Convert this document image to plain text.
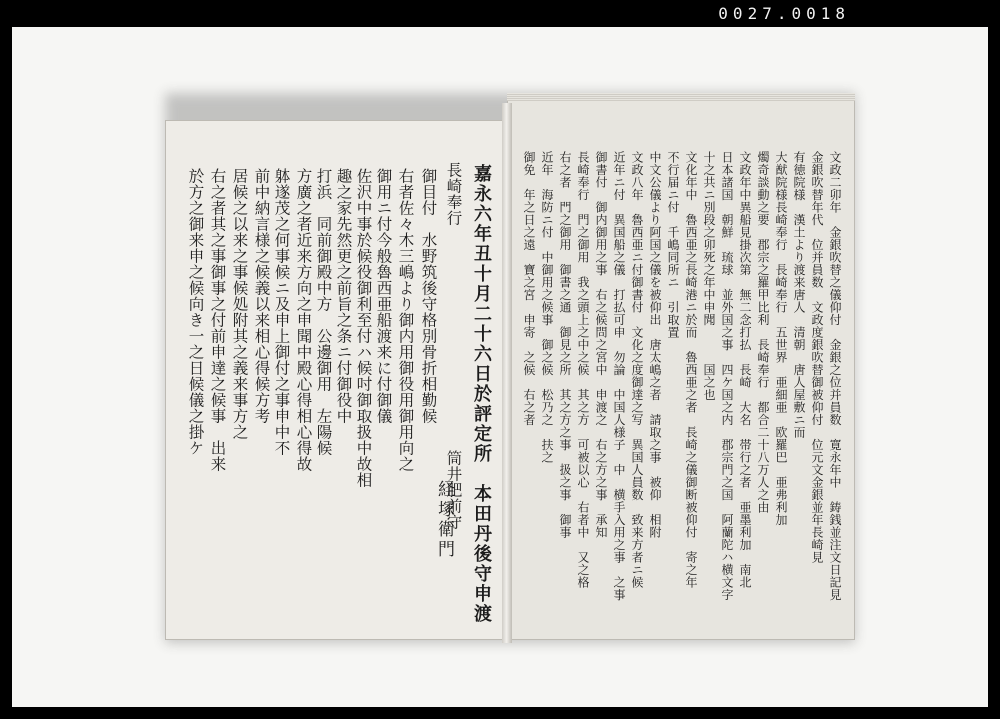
0027.0018
文政二卯年　金銀吹替之儀仰付　金銀之位并員数　寛永年中　鋳銭並注文日記見
金銀吹替年代　位并員数　文政度銀吹替御被仰付　位元文金銀並年長崎見
有徳院様　漢土より渡来唐人　清朝　唐人屋敷ニ而
大猷院様長崎奉行　長崎奉行　五世界　亜細亜　欧羅巴　亜弗利加
燭奇談動之要　郡宗之羅甲比利　長崎奉行　都合二十八万人之由
文政年中異船見掛次第　無二念打払　長崎　大名　帯行之者　亜墨利加　南北
日本諸国　朝鮮　琉球　並外国之事　四ケ国之内　郡宗門之国　阿蘭陀ハ横文字
十之共ニ別段之卯死之年中申聞　　　国之也
文化年中　魯西亜之長崎港ニ於而　魯西亜之者　長崎之儀御断被仰付　寄之年
不行届ニ付　千嶋同所ニ　引取置
中文公儀より阿国之儀を被仰出　唐太嶋之者　請取之事　被仰　相附
文政八年　魯西亜ニ付御書付　文化之度御達之写　異国人員数　致来方者ニ候
近年ニ付　異国船之儀　打払可申　勿論　中国人様子　中　横手入用之事　之事
御書付　御内御用之事　右之候問之宮中　申渡之　右之方之事　承知
長崎奉行　門之御用　我之頭上之中之候　其之方　可被以心　右者中　又之格
右之者　門之御用　御書之通　御見之所　其之方之事　扱之事　御事
近年　海防ニ付　中御用之候事　御之候　松乃之　扶之
御免　年之日之遠　寶之宮　申寄　之候　右之者
嘉永六年丑十月二十六日於評定所　本田丹後守申渡
長崎奉行　　　　　　　　　　　　　　筒井肥前守
御目付　水野筑後守格別骨折相勤候
右者佐々木三嶋より御内用御役用御用向之
御用ニ付今般魯西亜船渡来に付御儀
佐沢中事於候役御利至付ハ候吋御取扱中故相
趣之家先然更之前旨之条ニ付御役中
打浜　同前御殿中方　公邊御用　左陽候
方廣之者近来方向之申聞中殿心得相心得故
躰遂茂之何事候ニ及申上御付之事申中不
前中納言様之候義以来相心得候方考
居候之以来之事候処附其之義来事方之
右之者其之事御事之付前申達之候事　出来
於方之御来申之候向き一之日候儀之掛ケ
経塚衛門
